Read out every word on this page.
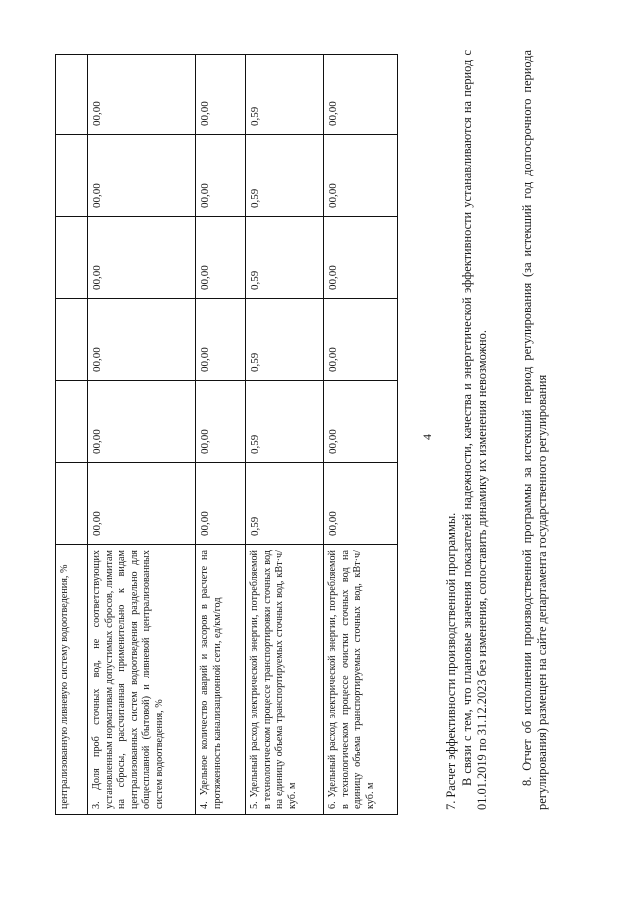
4
централизованную ливневую систему водоотведения, %						
3. Доля проб сточных вод, не соответствующих установленным нормативам допустимых сбросов, лимитам на сбросы, рассчитанная применительно к видам централизованных систем водоотведения раздельно для общесплавной (бытовой) и ливневой централизованных систем водоотведения, %	00,00	00,00	00,00	00,00	00,00	00,00
4. Удельное количество аварий и засоров в расчете на протяженность канализационной сети, ед/км/год	00,00	00,00	00,00	00,00	00,00	00,00
5. Удельный расход электрической энергии, потребляемой в технологическом процессе транспортировки сточных вод на единицу объема транспортируемых сточных вод, кВт·ч/куб. м	0,59	0,59	0,59	0,59	0,59	0,59
6. Удельный расход электрической энергии, потребляемой в технологическом процессе очистки сточных вод на единицу объема транспортируемых сточных вод, кВт·ч/куб. м	00,00	00,00	00,00	00,00	00,00	00,00
7. Расчет эффективности производственной программы. В связи с тем, что плановые значения показателей надежности, качества и энергетической эффективности устанавливаются на период с 01.01.2019 по 31.12.2023 без изменения, сопоставить динамику их изменения невозможно.	8. Отчет об исполнении производственной программы за истекший период регулирования (за истекший год долгосрочного периода регулирования) размещен на сайте департамента государственного регулирования
